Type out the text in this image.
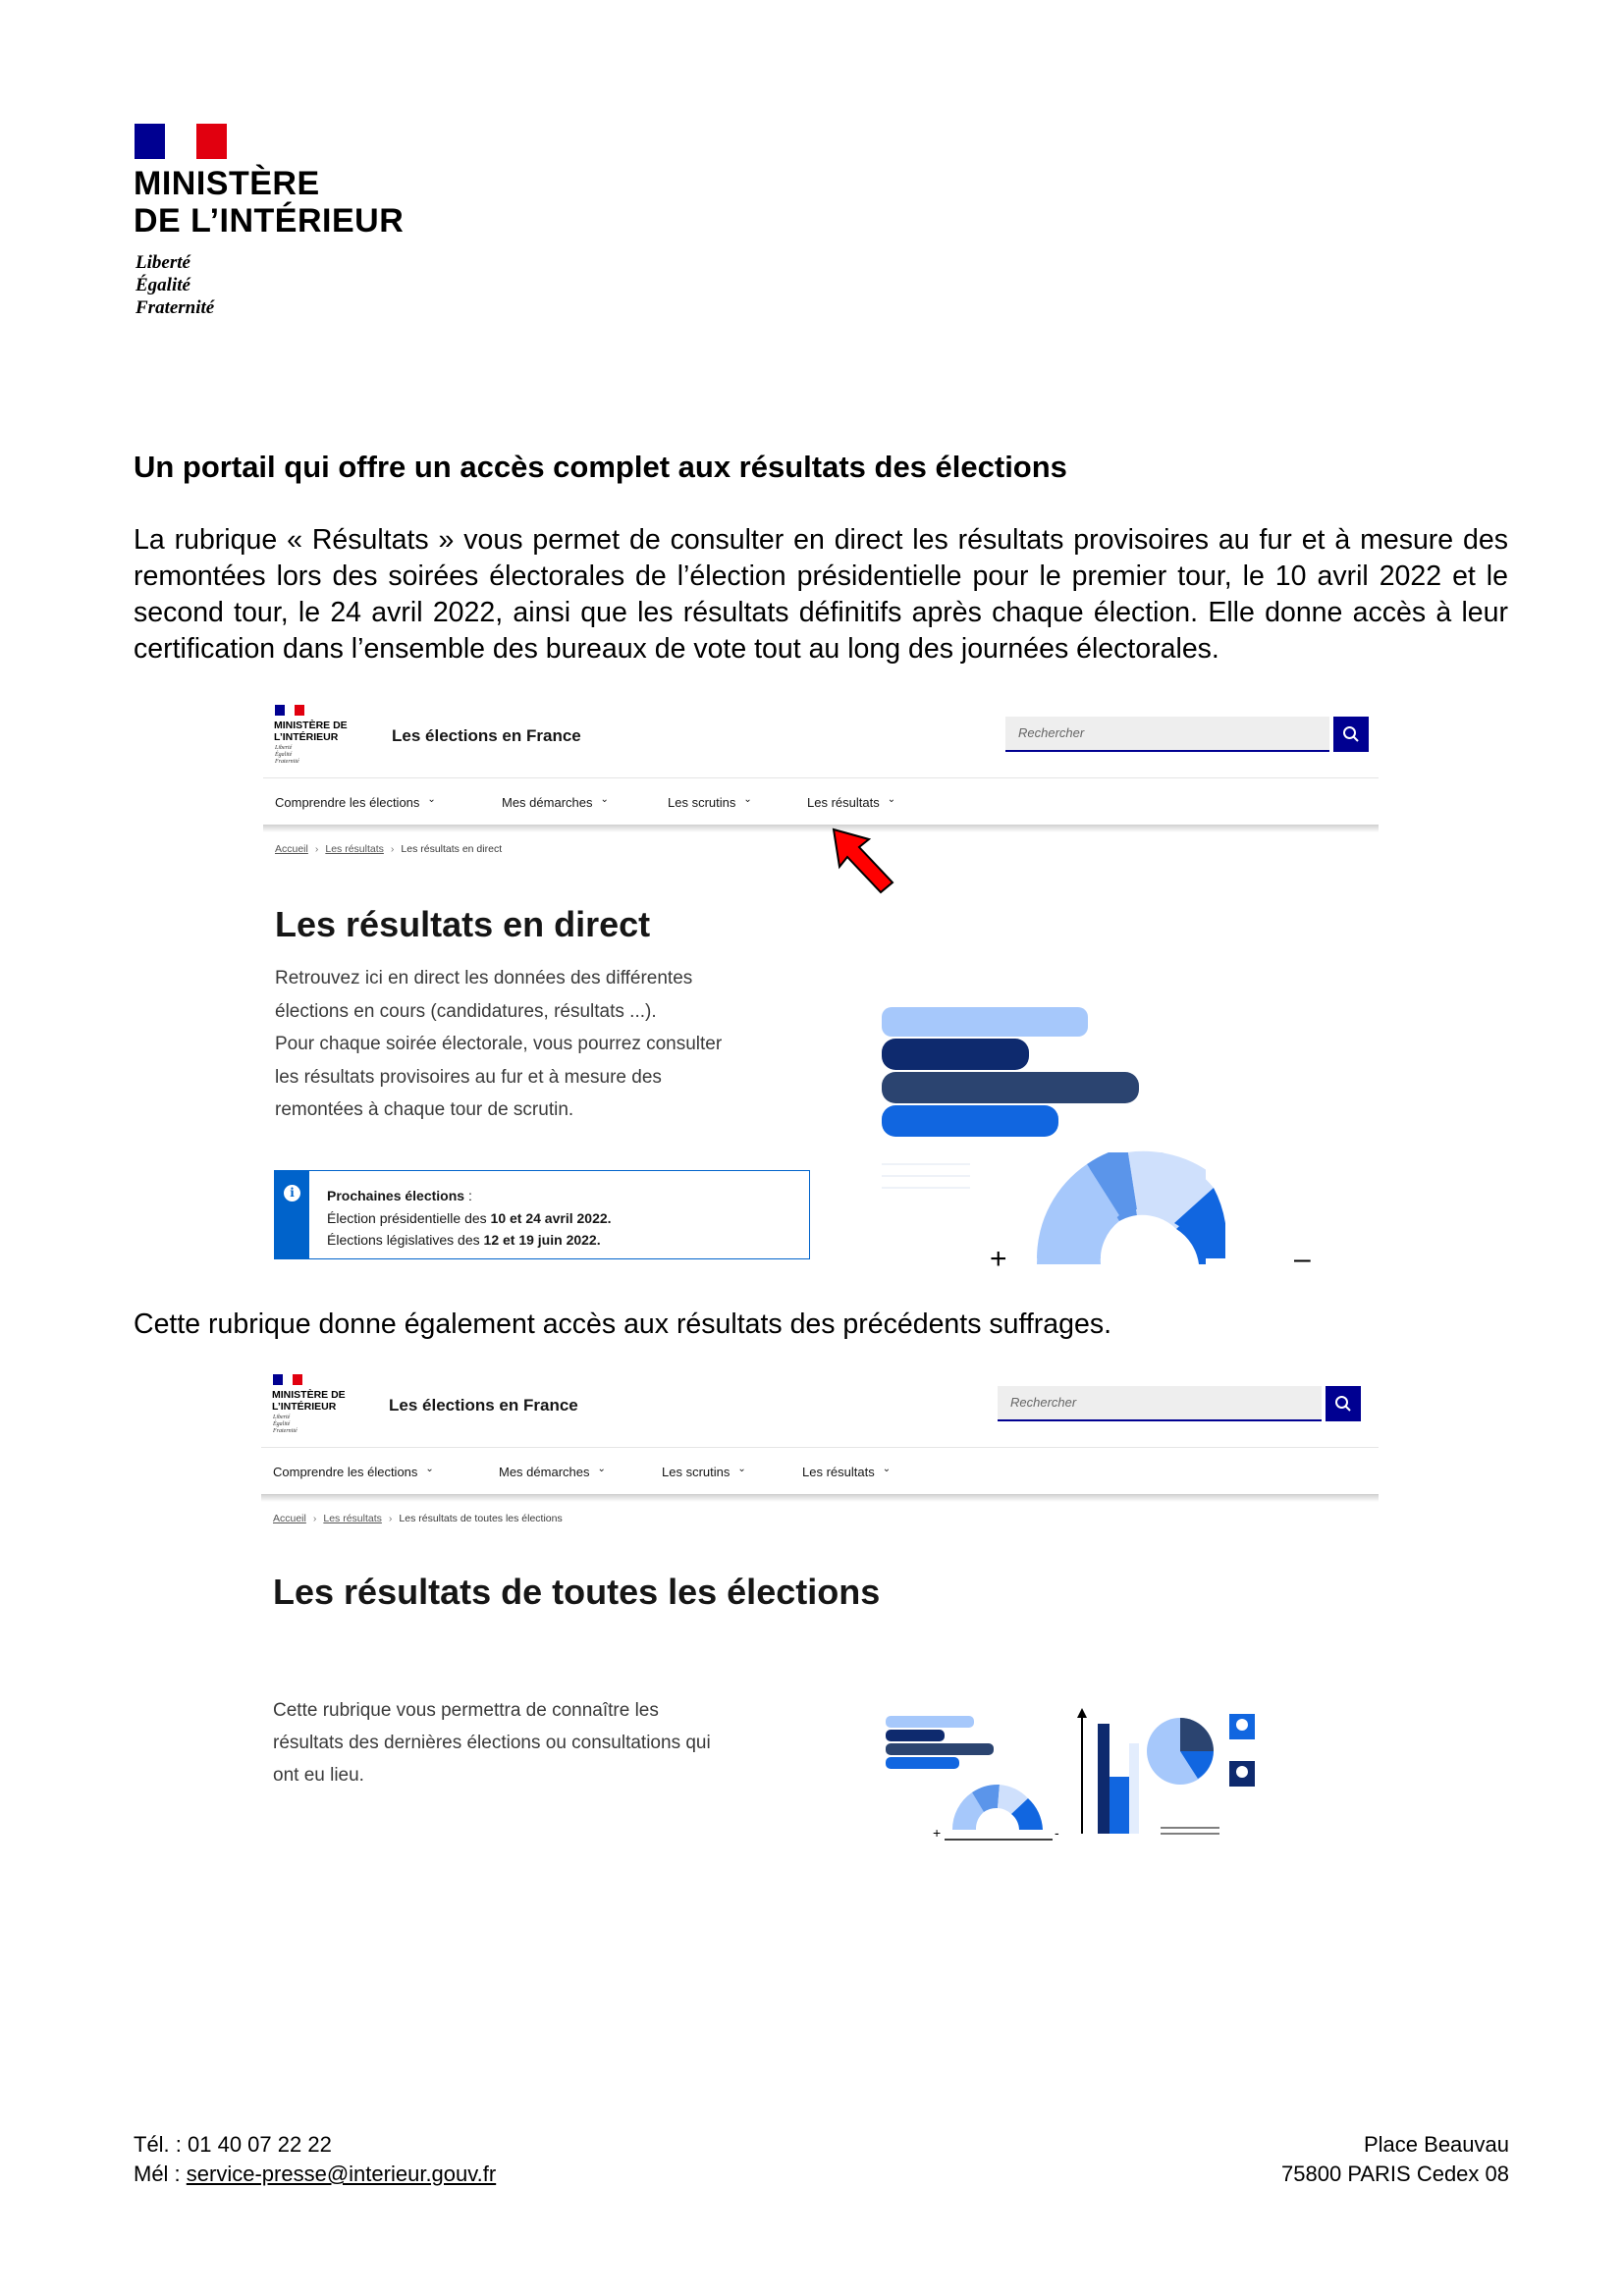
MINISTÈRE
DE L’INTÉRIEUR
Liberté
Égalité
Fraternité
Un portail qui offre un accès complet aux résultats des élections
La rubrique « Résultats » vous permet de consulter en direct les résultats provisoires au fur et à mesure des remontées lors des soirées électorales de l’élection présidentielle pour le premier tour, le 10 avril 2022 et le second tour, le 24 avril 2022, ainsi que les résultats définitifs après chaque élection. Elle donne accès à leur certification dans l’ensemble des bureaux de vote tout au long des journées électorales.
MINISTÈRE DE
L’INTÉRIEUR
Liberté
Égalité
Fraternité
Les élections en France	Rechercher
Comprendre les élections ⌄	Mes démarches ⌄	Les scrutins ⌄	Les résultats ⌄
Accueil › Les résultats › Les résultats en direct
Les résultats en direct
Retrouvez ici en direct les données des différentes
élections en cours (candidatures, résultats ...).
Pour chaque soirée électorale, vous pourrez consulter
les résultats provisoires au fur et à mesure des
remontées à chaque tour de scrutin.
i	Prochaines élections :
Élection présidentielle des 10 et 24 avril 2022.
Élections législatives des 12 et 19 juin 2022.
+	–
Cette rubrique donne également accès aux résultats des précédents suffrages.
MINISTÈRE DE
L’INTÉRIEUR
Liberté
Égalité
Fraternité
Les élections en France	Rechercher
Comprendre les élections ⌄	Mes démarches ⌄	Les scrutins ⌄	Les résultats ⌄
Accueil › Les résultats › Les résultats de toutes les élections
Les résultats de toutes les élections
Cette rubrique vous permettra de connaître les
résultats des dernières élections ou consultations qui
ont eu lieu.
+	-
Tél. : 01 40 07 22 22
Mél : service-presse@interieur.gouv.fr
Place Beauvau
75800 PARIS Cedex 08
